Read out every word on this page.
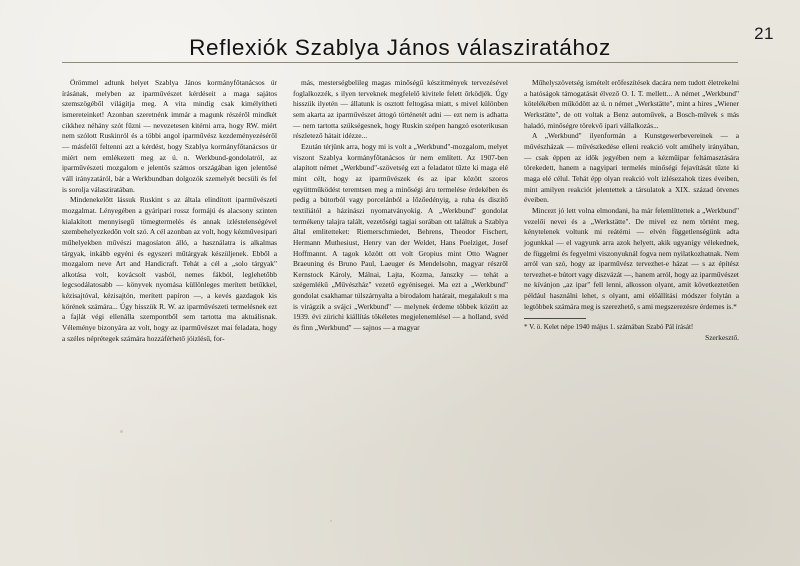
21
Reflexiók Szablya János válasziratához

Örömmel adtunk helyet Szablya János kormányfőtanácsos úr írásának, melyben az iparművészet kérdéseit a maga sajátos szemszögéből világítja meg. A vita mindig csak kimélyítheti ismereteinket! Azonban szeretnénk immár a magunk részéről mindkét cikkhez néhány szót fűzni — nevezetesen kitérni arra, hogy RW. miért nem szólott Ruskinról és a többi angol iparművész kezdeményezéséről — másfelől feltenni azt a kérdést, hogy Szablya kormányfőtanácsos úr miért nem emlékezett meg az ú. n. Werkbund-gondolatról, az iparművészeti mozgalom e jelentős számos országában igen jelentősé váll irányzatáról, bár a Werkbundban dolgozók szemelyét becsüli és fel is sorolja válasziratában.

Mindenekelőtt lássuk Ruskint s az általa elindított iparművészeti mozgalmat. Lényegében a gyáripari rossz formájú és alacsony szinten kialakított mennyisegű tömegtermelés és annak izléstelenségével szembehelyezkedőn volt szó. A cél azonban az volt, hogy kézművesipari műhelyekben művészi magosíaton álló, a használatra is alkalmas tárgyak, inkább egyéni és egyszeri műtárgyak készüljenek. Ebből a mozgalom neve Art and Handicraft. Tehát a cél a „solo tárgyak" alkotása volt, kovácsolt vasból, nemes fákból, leglehetőbb legcsodálatosabb — könyvek nyomása küllönleges merített betűkkel, kézisajtóval, kézisajtón, merített papíron —, a kevés gazdagok kis körének számára... Úgy hisszük R. W. az iparművészeti termelésnek ezt a fajlát végi ellenálla szempontből sem tartotta ma aktuálisnak. Véleménye bizonyára az volt, hogy az iparművészet mai feladata, hogy a széles néprétegek számára hozzáférhető jóizlésű, for-

más, mesterségbelileg magas minőségű készitmények tervezésével foglalkozzék, s ilyen terveknek megfelelő kivitele felett őrködjék. Úgy hisszük ilyetén — állatunk is osztott feltogása miatt, s mivel különben sem akarta az iparművészet áttogó történetét adni — ezt nem is adhatta — nem tartotta szükségesnek, hogy Ruskin szépen hangzó esoterikusan részletező hátait idézze...

Ezután térjünk arra, hogy mi is volt a „Werkbund"-mozgalom, melyet viszont Szablya kormányfőtanácsos úr nem említett. Az 1907-ben alapított német „Werkbund"-szövetség ezt a feladatot tűzte ki maga elé mint célt, hogy az iparművészek és az ipar között szoros együttműködést teremtsen meg a minőségi áru termelése érdekében és pedig a bútorból vagy porcelánból a lőzőedényig, a ruha és diszítő textiliától a házinászi nyomatványokig. A „Werkbund" gondolat termékeny talajra talált, vezetőségi tagjai sorában ott találtuk a Szablya által emlitetteket: Riemerschmiedet, Behrens, Theodor Fischert, Hermann Muthesiust, Henry van der Weldet, Hans Poelziget, Josef Hoffmannt. A tagok között ott volt Gropius mint Otto Wagner Braeuning és Bruno Paul, Laeuger és Mendelsohn, magyar részről Kernstock Károly, Málnai, Lajta, Kozma, Janszky — tehát a szégemlékű „Művészház" vezető egyénisegei. Ma ezt a „Werkbund" gondolat csakhamar túlszárnyalta a birodalom határait, megalakult s ma is virágzik a svájci „Werkbund" — melynek érdeme többek között az 1939. évi zürichi kiállítás tökéletes megjelenemlésel — a holland, svéd és finn „Werkbund" — sajnos — a magyar

Műhelyszövetség ismételt erőfeszítések dacára nem tudott életrekelni a hatóságok támogatását élvező O. I. T. mellett... A német „Werkbund" kötelékében működött az ú. n német „Werkstätte", mint a hires „Wiener Werkstätte", de ott voltak a Benz autoművek, a Bosch-művek s más haladó, minőségre törekvő ipari vállalkozás...

A „Werkbund" ilyenformán a Kunstgewerbevereinek — a művészházak — művészkedése elleni reakció volt aműhely irányában, — csak éppen az idők jegyében nem a kézműipar feltámasztására törekedett, hanem a nagyipari termelés minőségi fejavítását tűzte ki maga elé célul. Tehát épp olyan reakció volt izlésezahok tizes éveiben, mint amilyen reakciót jelentettek a társulatok a XIX. század ötvenes éveiben.

Mincezt jó lett volna elmondani, ha már felemlíttettek a „Werkbund" vezelői nevei és a „Werkstätte". De mivel ez nem történt meg, kénytelenek voltunk mi reátérni — elvén függetlenségünk adta jogunkkal — el vagyunk arra azok helyett, akik ugyanígy vélekednek, de függelmi és fegyelmi viszonyuknál fogva nem nyilatkozhatnak. Nem arról van szó, hogy az iparművész tervezhet-e házat — s az építész tervezhet-e bútort vagy díszvázát —, hanem arról, hogy az iparművészet ne kívánjon „az ipar" fell lenni, alkosson olyant, amit következtetően például használni lehet, s olyant, ami előállítási módszer folytán a legtöbbek számára meg is szerezhető, s ami megszerezésre érdemes is.*

* V. ö. Kelet népe 1940 május 1. számában Szabó Pál írását!

Szerkesztő.
